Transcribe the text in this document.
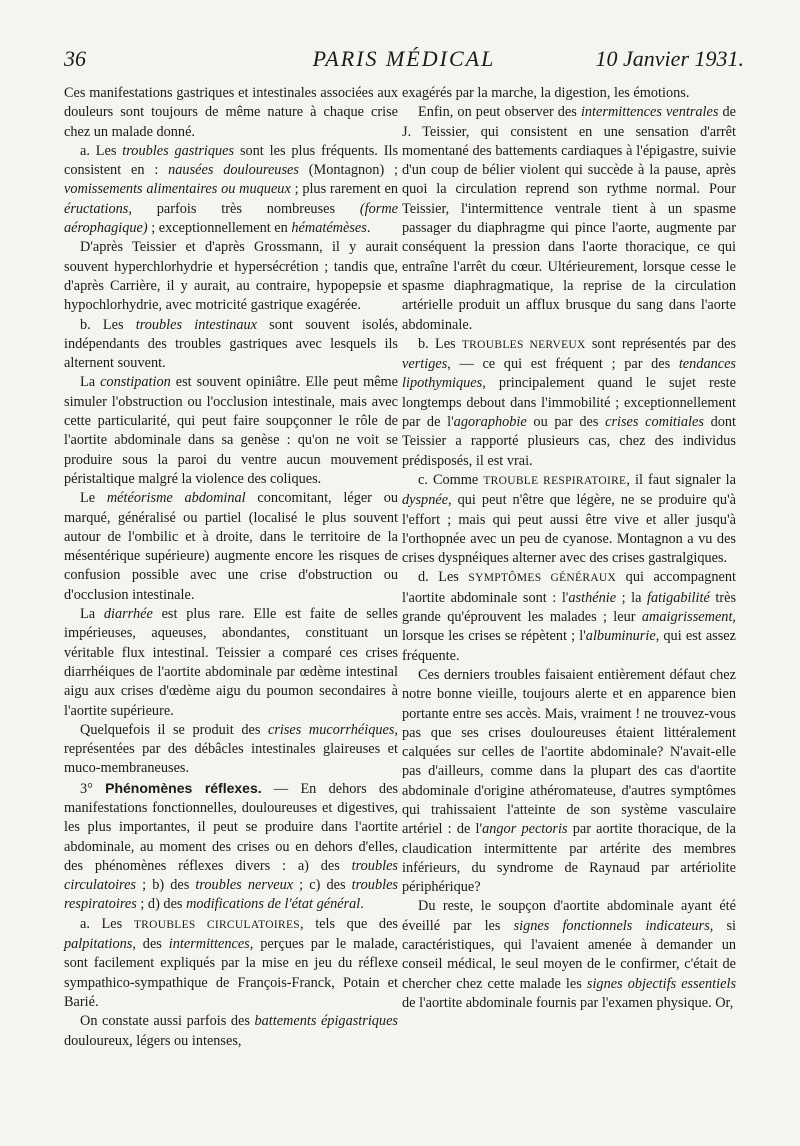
36	PARIS MÉDICAL	10 Janvier 1931.

Ces manifestations gastriques et intestinales associées aux douleurs sont toujours de même nature à chaque crise chez un malade donné.

a. Les troubles gastriques sont les plus fréquents. Ils consistent en : nausées douloureuses (Montagnon) ; vomissements alimentaires ou muqueux ; plus rarement en éructations, parfois très nombreuses (forme aérophagique) ; exceptionnellement en hématémèses.

D'après Teissier et d'après Grossmann, il y aurait souvent hyperchlorhydrie et hypersécrétion ; tandis que, d'après Carrière, il y aurait, au contraire, hypopepsie et hypochlorhydrie, avec motricité gastrique exagérée.

b. Les troubles intestinaux sont souvent isolés, indépendants des troubles gastriques avec lesquels ils alternent souvent.

La constipation est souvent opiniâtre. Elle peut même simuler l'obstruction ou l'occlusion intestinale, mais avec cette particularité, qui peut faire soupçonner le rôle de l'aortite abdominale dans sa genèse : qu'on ne voit se produire sous la paroi du ventre aucun mouvement péristaltique malgré la violence des coliques.

Le météorisme abdominal concomitant, léger ou marqué, généralisé ou partiel (localisé le plus souvent autour de l'ombilic et à droite, dans le territoire de la mésentérique supérieure) augmente encore les risques de confusion possible avec une crise d'obstruction ou d'occlusion intestinale.

La diarrhée est plus rare. Elle est faite de selles impérieuses, aqueuses, abondantes, constituant un véritable flux intestinal. Teissier a comparé ces crises diarrhéiques de l'aortite abdominale par œdème intestinal aigu aux crises d'œdème aigu du poumon secondaires à l'aortite supérieure.

Quelquefois il se produit des crises mucorrhéiques, représentées par des débâcles intestinales glaireuses et muco-membraneuses.

3° Phénomènes réflexes. — En dehors des manifestations fonctionnelles, douloureuses et digestives, les plus importantes, il peut se produire dans l'aortite abdominale, au moment des crises ou en dehors d'elles, des phénomènes réflexes divers : a) des troubles circulatoires ; b) des troubles nerveux ; c) des troubles respiratoires ; d) des modifications de l'état général.

a. Les TROUBLES CIRCULATOIRES, tels que des palpitations, des intermittences, perçues par le malade, sont facilement expliqués par la mise en jeu du réflexe sympathico-sympathique de François-Franck, Potain et Barié.

On constate aussi parfois des battements épigastriques douloureux, légers ou intenses,

exagérés par la marche, la digestion, les émotions.

Enfin, on peut observer des intermittences ventrales de J. Teissier, qui consistent en une sensation d'arrêt momentané des battements cardiaques à l'épigastre, suivie d'un coup de bélier violent qui succède à la pause, après quoi la circulation reprend son rythme normal. Pour Teissier, l'intermittence ventrale tient à un spasme passager du diaphragme qui pince l'aorte, augmente par conséquent la pression dans l'aorte thoracique, ce qui entraîne l'arrêt du cœur. Ultérieurement, lorsque cesse le spasme diaphragmatique, la reprise de la circulation artérielle produit un afflux brusque du sang dans l'aorte abdominale.

b. Les TROUBLES NERVEUX sont représentés par des vertiges, — ce qui est fréquent ; par des tendances lipothymiques, principalement quand le sujet reste longtemps debout dans l'immobilité ; exceptionnellement par de l'agoraphobie ou par des crises comitiales dont Teissier a rapporté plusieurs cas, chez des individus prédisposés, il est vrai.

c. Comme TROUBLE RESPIRATOIRE, il faut signaler la dyspnée, qui peut n'être que légère, ne se produire qu'à l'effort ; mais qui peut aussi être vive et aller jusqu'à l'orthopnée avec un peu de cyanose. Montagnon a vu des crises dyspnéiques alterner avec des crises gastralgiques.

d. Les SYMPTÔMES GÉNÉRAUX qui accompagnent l'aortite abdominale sont : l'asthénie ; la fatigabilité très grande qu'éprouvent les malades ; leur amaigrissement, lorsque les crises se répètent ; l'albuminurie, qui est assez fréquente.

Ces derniers troubles faisaient entièrement défaut chez notre bonne vieille, toujours alerte et en apparence bien portante entre ses accès. Mais, vraiment ! ne trouvez-vous pas que ses crises douloureuses étaient littéralement calquées sur celles de l'aortite abdominale? N'avait-elle pas d'ailleurs, comme dans la plupart des cas d'aortite abdominale d'origine athéromateuse, d'autres symptômes qui trahissaient l'atteinte de son système vasculaire artériel : de l'angor pectoris par aortite thoracique, de la claudication intermittente par artérite des membres inférieurs, du syndrome de Raynaud par artériolite périphérique?

Du reste, le soupçon d'aortite abdominale ayant été éveillé par les signes fonctionnels indicateurs, si caractéristiques, qui l'avaient amenée à demander un conseil médical, le seul moyen de le confirmer, c'était de chercher chez cette malade les signes objectifs essentiels de l'aortite abdominale fournis par l'examen physique. Or,
